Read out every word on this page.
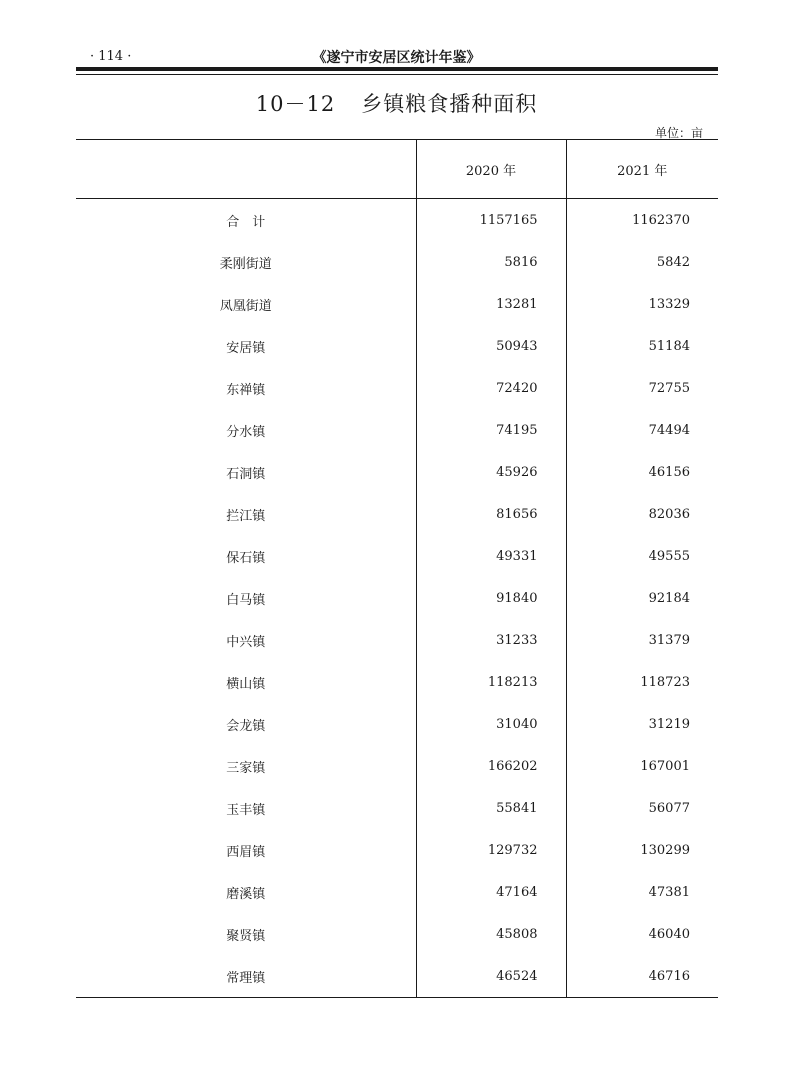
· 114 ·	《遂宁市安居区统计年鉴》
10－12 乡镇粮食播种面积
单位：亩
	2020 年	2021 年
合　计	1157165	1162370
柔刚街道	5816	5842
凤凰街道	13281	13329
安居镇	50943	51184
东禅镇	72420	72755
分水镇	74195	74494
石洞镇	45926	46156
拦江镇	81656	82036
保石镇	49331	49555
白马镇	91840	92184
中兴镇	31233	31379
横山镇	118213	118723
会龙镇	31040	31219
三家镇	166202	167001
玉丰镇	55841	56077
西眉镇	129732	130299
磨溪镇	47164	47381
聚贤镇	45808	46040
常理镇	46524	46716
